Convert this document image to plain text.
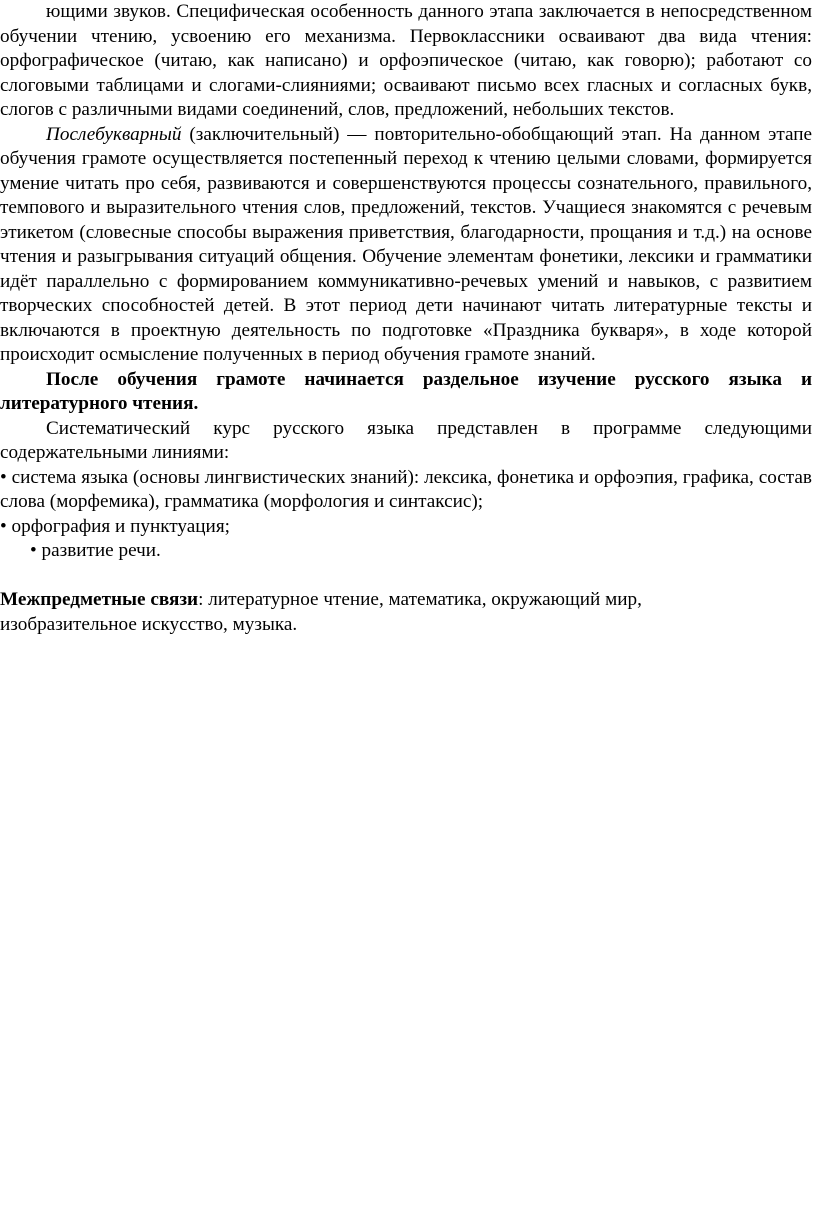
ющими звуков. Специфическая особенность данного этапа заключается в непосредственном обучении чтению, усвоению его механизма. Первоклассники осваивают два вида чтения: орфографическое (читаю, как написано) и орфоэпическое (читаю, как говорю); работают со слоговыми таблицами и слогами-слияниями; осваивают письмо всех гласных и согласных букв, слогов с различными видами соединений, слов, предложений, небольших текстов.

Послебукварный (заключительный) — повторительно-обобщающий этап. На данном этапе обучения грамоте осуществляется постепенный переход к чтению целыми словами, формируется умение читать про себя, развиваются и совершенствуются процессы сознательного, правильного, темпового и выразительного чтения слов, предложений, текстов. Учащиеся знакомятся с речевым этикетом (словесные способы выражения приветствия, благодарности, прощания и т.д.) на основе чтения и разыгрывания ситуаций общения. Обучение элементам фонетики, лексики и грамматики идёт параллельно с формированием коммуникативно-речевых умений и навыков, с развитием творческих способностей детей. В этот период дети начинают читать литературные тексты и включаются в проектную деятельность по подготовке «Праздника букваря», в ходе которой происходит осмысление полученных в период обучения грамоте знаний.

После обучения грамоте начинается раздельное изучение русского языка и литературного чтения.

Систематический курс русского языка представлен в программе следующими содержательными линиями:

• система языка (основы лингвистических знаний): лексика, фонетика и орфоэпия, графика, состав слова (морфемика), грамматика (морфология и синтаксис);

• орфография и пунктуация;

• развитие речи.

Межпредметные связи: литературное чтение, математика, окружающий мир,

изобразительное искусство, музыка.
